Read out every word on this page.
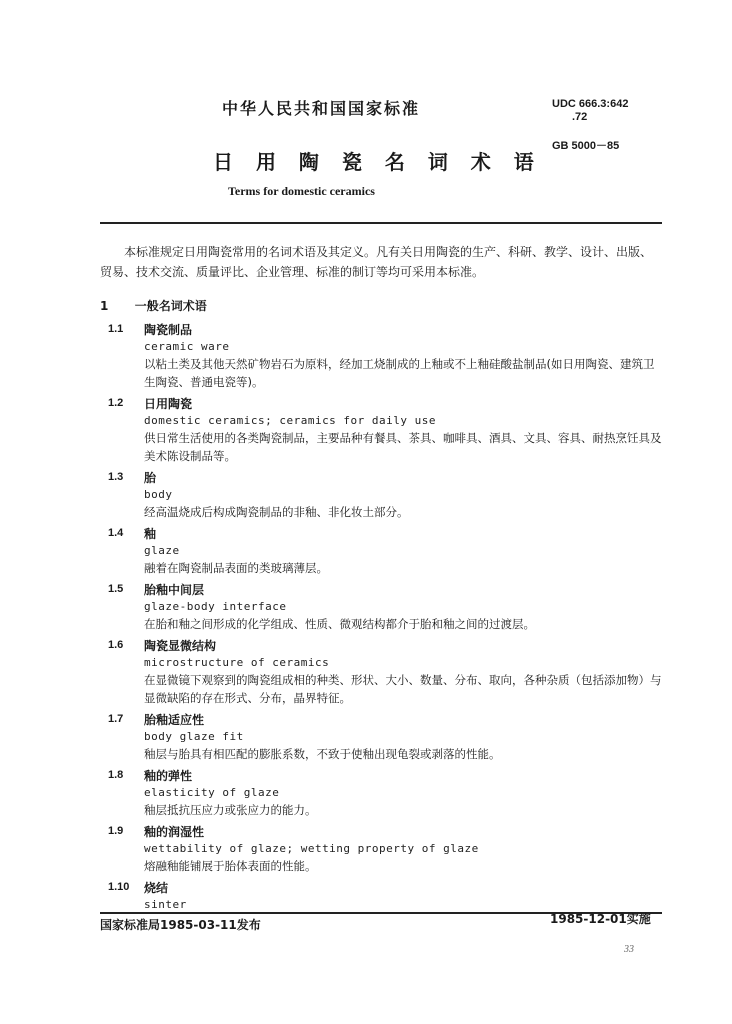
中华人民共和国国家标准	UDC 666.3:642
.72
GB 5000－85
日 用 陶 瓷 名 词 术 语
Terms for domestic ceramics
本标准规定日用陶瓷常用的名词术语及其定义。凡有关日用陶瓷的生产、科研、教学、设计、出版、贸易、技术交流、质量评比、企业管理、标准的制订等均可采用本标准。
1 一般名词术语
1.1	陶瓷制品
ceramic ware
以粘土类及其他天然矿物岩石为原料，经加工烧制成的上釉或不上釉硅酸盐制品(如日用陶瓷、建筑卫生陶瓷、普通电瓷等)。
1.2	日用陶瓷
domestic ceramics; ceramics for daily use
供日常生活使用的各类陶瓷制品，主要品种有餐具、茶具、咖啡具、酒具、文具、容具、耐热烹饪具及美术陈设制品等。
1.3	胎
body
经高温烧成后构成陶瓷制品的非釉、非化妆土部分。
1.4	釉
glaze
融着在陶瓷制品表面的类玻璃薄层。
1.5	胎釉中间层
glaze-body interface
在胎和釉之间形成的化学组成、性质、微观结构都介于胎和釉之间的过渡层。
1.6	陶瓷显微结构
microstructure of ceramics
在显微镜下观察到的陶瓷组成相的种类、形状、大小、数量、分布、取向，各种杂质（包括添加物）与显微缺陷的存在形式、分布，晶界特征。
1.7	胎釉适应性
body glaze fit
釉层与胎具有相匹配的膨胀系数，不致于使釉出现龟裂或剥落的性能。
1.8	釉的弹性
elasticity of glaze
釉层抵抗压应力或张应力的能力。
1.9	釉的润湿性
wettability of glaze; wetting property of glaze
熔融釉能铺展于胎体表面的性能。
1.10	烧结
sinter
国家标准局1985-03-11发布	1985-12-01实施
33
